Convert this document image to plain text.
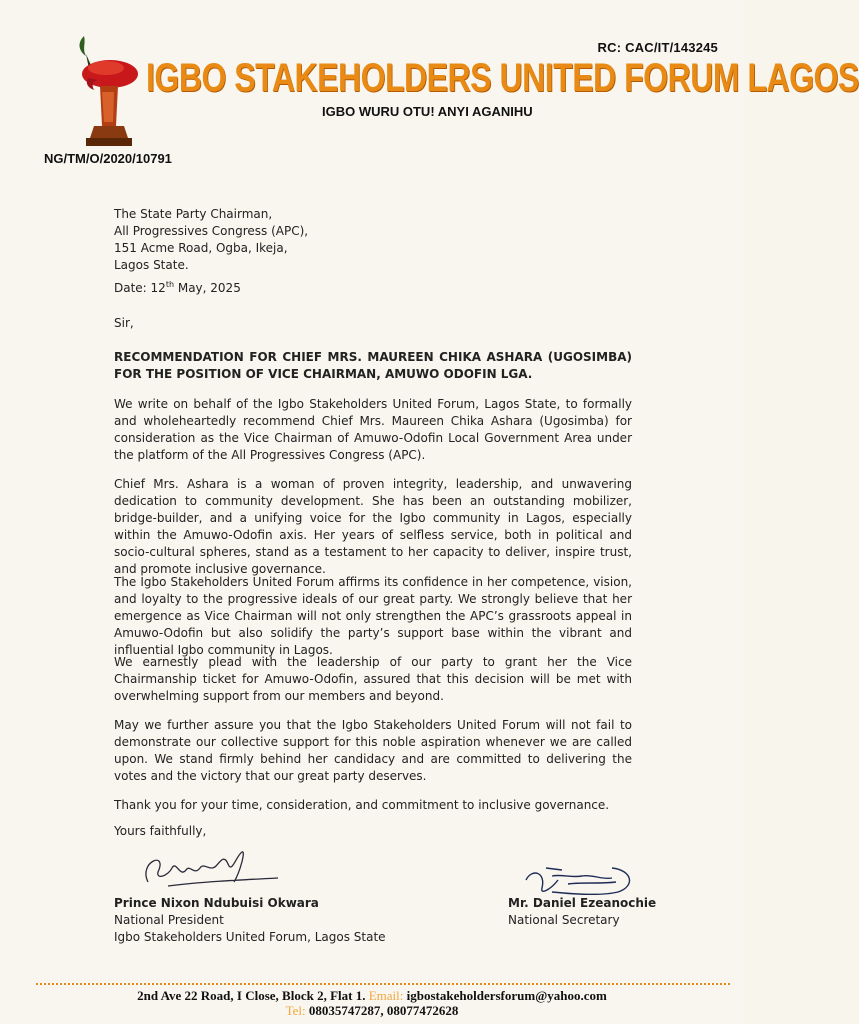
RC: CAC/IT/143245
IGBO STAKEHOLDERS UNITED FORUM LAGOS
IGBO WURU OTU! ANYI AGANIHU
NG/TM/O/2020/10791
The State Party Chairman,
All Progressives Congress (APC),
151 Acme Road, Ogba, Ikeja,
Lagos State.
Date: 12th May, 2025
Sir,
RECOMMENDATION FOR CHIEF MRS. MAUREEN CHIKA ASHARA (UGOSIMBA) FOR THE POSITION OF VICE CHAIRMAN, AMUWO ODOFIN LGA.

We write on behalf of the Igbo Stakeholders United Forum, Lagos State, to formally and wholeheartedly recommend Chief Mrs. Maureen Chika Ashara (Ugosimba) for consideration as the Vice Chairman of Amuwo-Odofin Local Government Area under the platform of the All Progressives Congress (APC).

Chief Mrs. Ashara is a woman of proven integrity, leadership, and unwavering dedication to community development. She has been an outstanding mobilizer, bridge-builder, and a unifying voice for the Igbo community in Lagos, especially within the Amuwo-Odofin axis. Her years of selfless service, both in political and socio-cultural spheres, stand as a testament to her capacity to deliver, inspire trust, and promote inclusive governance.

The Igbo Stakeholders United Forum affirms its confidence in her competence, vision, and loyalty to the progressive ideals of our great party. We strongly believe that her emergence as Vice Chairman will not only strengthen the APC’s grassroots appeal in Amuwo-Odofin but also solidify the party’s support base within the vibrant and influential Igbo community in Lagos.

We earnestly plead with the leadership of our party to grant her the Vice Chairmanship ticket for Amuwo-Odofin, assured that this decision will be met with overwhelming support from our members and beyond.

May we further assure you that the Igbo Stakeholders United Forum will not fail to demonstrate our collective support for this noble aspiration whenever we are called upon. We stand firmly behind her candidacy and are committed to delivering the votes and the victory that our great party deserves.

Thank you for your time, consideration, and commitment to inclusive governance.

Yours faithfully,
Prince Nixon Ndubuisi Okwara
National President
Igbo Stakeholders United Forum, Lagos State
Mr. Daniel Ezeanochie
National Secretary
2nd Ave 22 Road, I Close, Block 2, Flat 1. Email: igbostakeholdersforum@yahoo.com
Tel: 08035747287, 08077472628
